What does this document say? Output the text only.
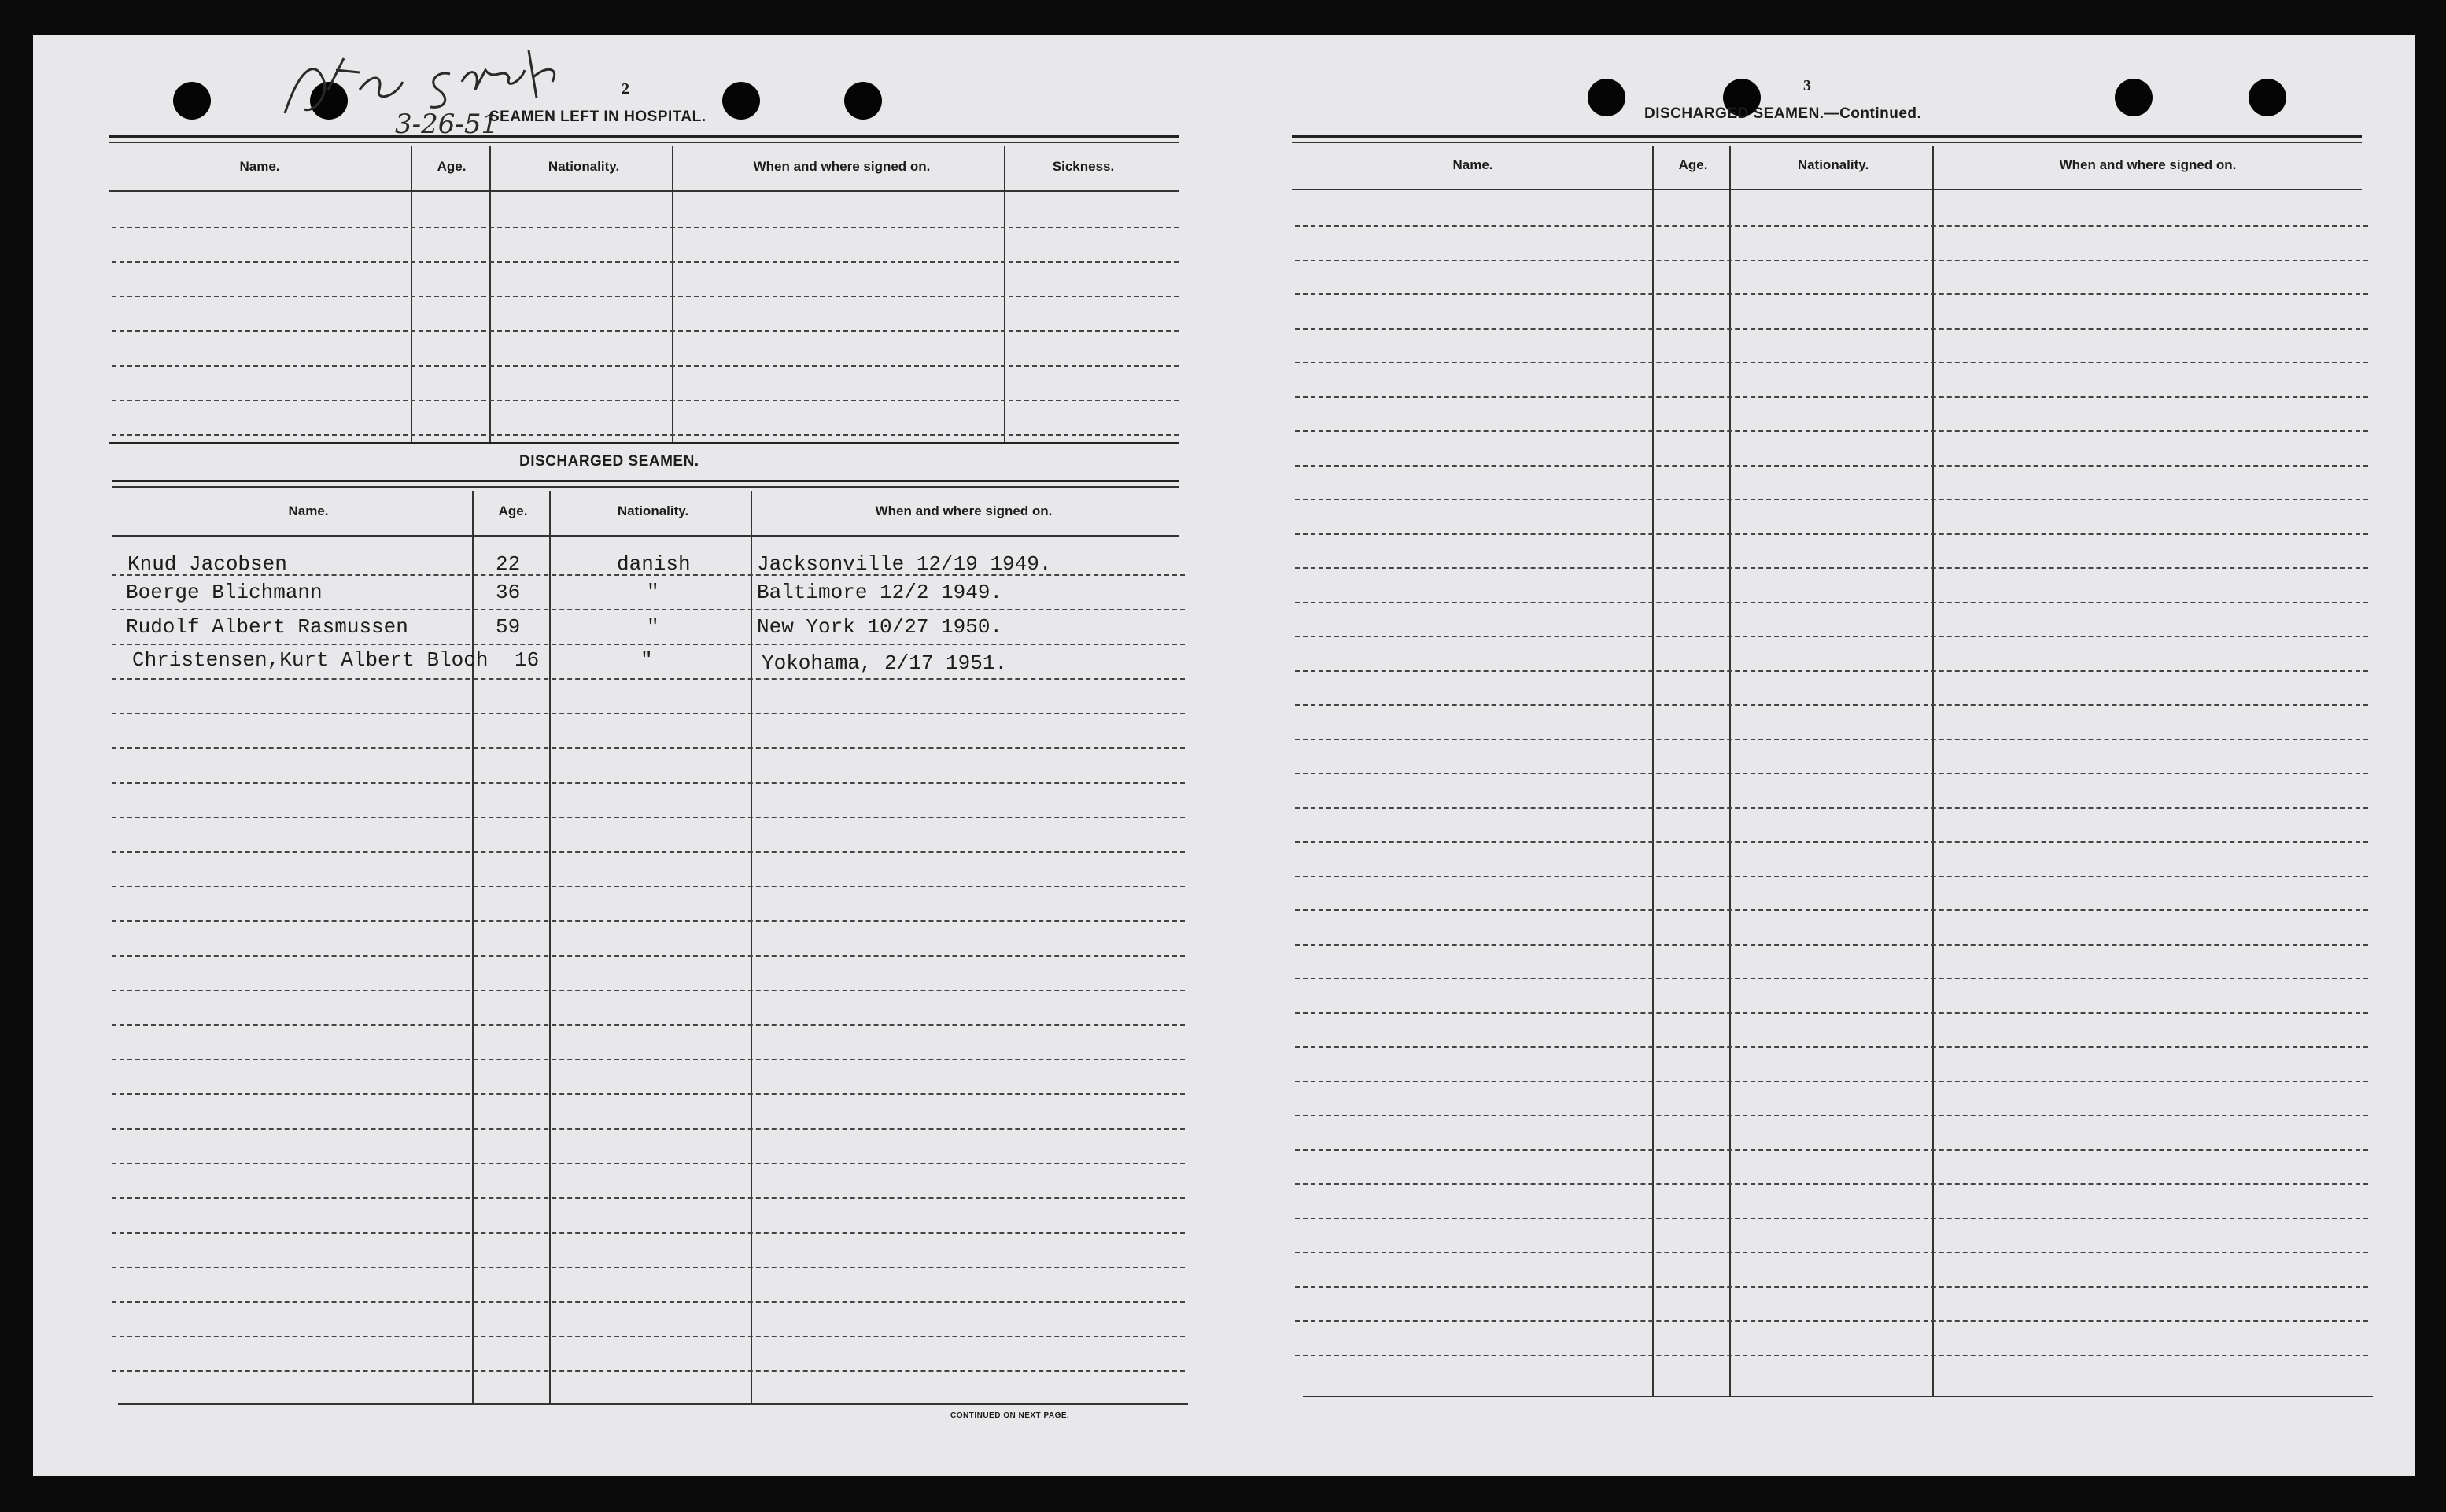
3-26-51
2
SEAMEN LEFT IN HOSPITAL.
Name.	Age.	Nationality.	When and where signed on.	Sickness.
DISCHARGED SEAMEN.
Name.	Age.	Nationality.	When and where signed on.
Knud Jacobsen	22	danish	Jacksonville 12/19 1949.
Boerge Blichmann	36	"	Baltimore 12/2 1949.
Rudolf Albert Rasmussen	59	"	New York 10/27 1950.
Christensen,Kurt Albert Bloch 16	"	Yokohama, 2/17 1951.
CONTINUED ON NEXT PAGE.
3
DISCHARGED SEAMEN.—Continued.
Name.	Age.	Nationality.	When and where signed on.
